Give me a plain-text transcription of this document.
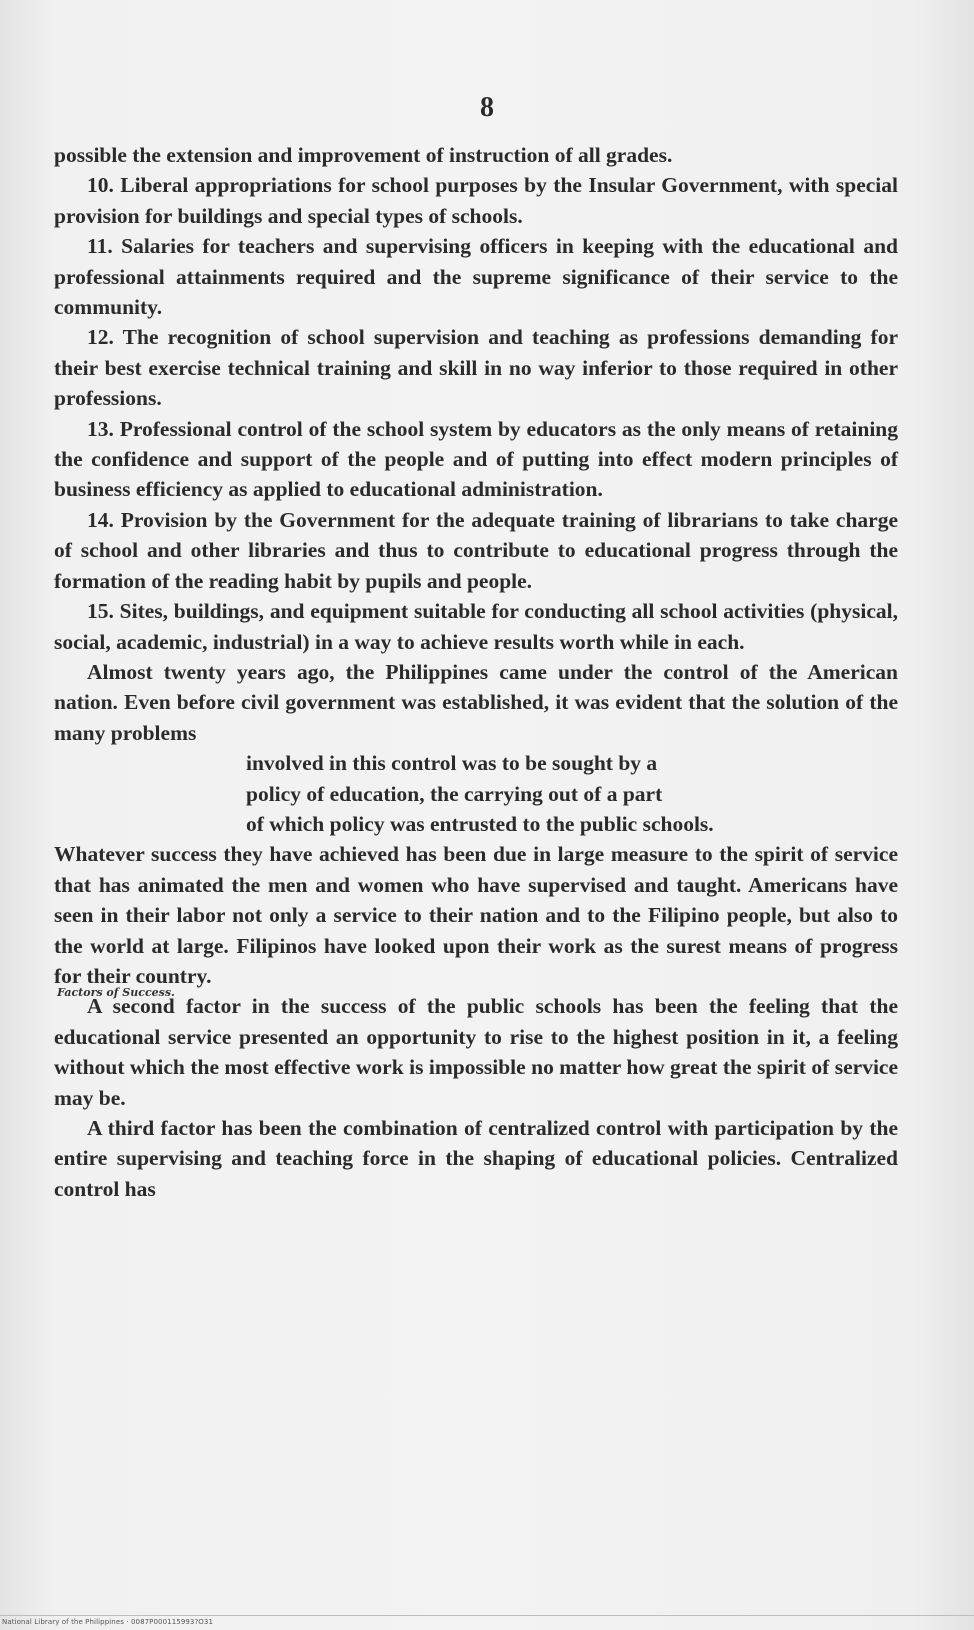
8

possible the extension and improvement of instruction of all grades.

10. Liberal appropriations for school purposes by the Insular Government, with special provision for buildings and special types of schools.

11. Salaries for teachers and supervising officers in keeping with the educational and professional attainments required and the supreme significance of their service to the community.

12. The recognition of school supervision and teaching as professions demanding for their best exercise technical training and skill in no way inferior to those required in other professions.

13. Professional control of the school system by educators as the only means of retaining the confidence and support of the people and of putting into effect modern principles of business efficiency as applied to educational administration.

14. Provision by the Government for the adequate training of librarians to take charge of school and other libraries and thus to contribute to educational progress through the formation of the reading habit by pupils and people.

15. Sites, buildings, and equipment suitable for conducting all school activities (physical, social, academic, industrial) in a way to achieve results worth while in each.

Almost twenty years ago, the Philippines came under the control of the American nation. Even before civil government was established, it was evident that the solution of the many problems

involved in this control was to be sought by a

policy of education, the carrying out of a part

of which policy was entrusted to the public schools.

Whatever success they have achieved has been due in large measure to the spirit of service that has animated the men and women who have supervised and taught. Americans have seen in their labor not only a service to their nation and to the Filipino people, but also to the world at large. Filipinos have looked upon their work as the surest means of progress for their country.

A second factor in the success of the public schools has been the feeling that the educational service presented an opportunity to rise to the highest position in it, a feeling without which the most effective work is impossible no matter how great the spirit of service may be.

A third factor has been the combination of centralized control with participation by the entire supervising and teaching force in the shaping of educational policies. Centralized control has

Factors of Success.
National Library of the Philippines · 0087P000115993?O31
